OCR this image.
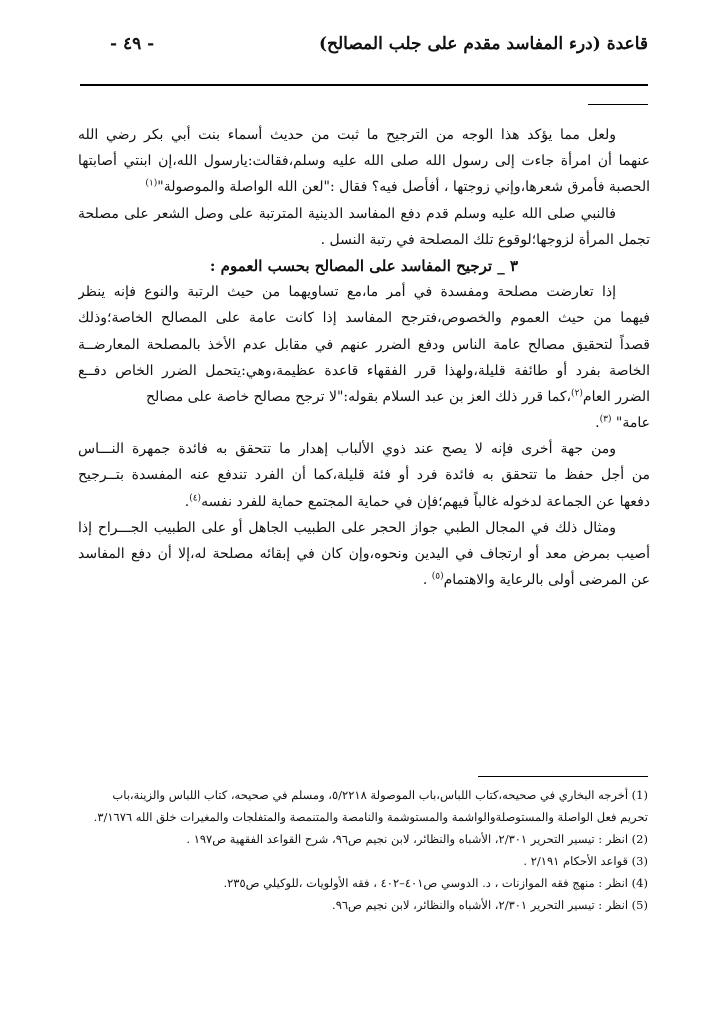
قاعدة (درء المفاسد مقدم على جلب المصالح)
- ٤٩ -
ولعل مما يؤكد هذا الوجه من الترجيح ما ثبت من حديث أسماء بنت أبي بكر رضي الله
عنهما أن امرأة جاءت إلى رسول الله صلى الله عليه وسلم،فقالت:يارسول الله،إن ابنتي أصابتها
الحصبة فأمرق شعرها،وإني زوجتها ، أفأصل فيه؟ فقال :"لعن الله الواصلة والموصولة"$^{(١)}$
فالنبي صلى الله عليه وسلم قدم دفع المفاسد الدينية المترتبة على وصل الشعر على مصلحة
تجمل المرأة لزوجها؛لوقوع تلك المصلحة في رتبة النسل .
٣ _ ترجيح المفاسد على المصالح بحسب العموم :
إذا تعارضت مصلحة ومفسدة في أمر ما،مع تساويهما من حيث الرتبة والنوع فإنه ينظر
فيهما من حيث العموم والخصوص،فترجح المفاسد إذا كانت عامة على المصالح الخاصة؛وذلك
قصداً لتحقيق مصالح عامة الناس ودفع الضرر عنهم في مقابل عدم الأخذ بالمصلحة المعارضــة
الخاصة بفرد أو طائفة قليلة،ولهذا قرر الفقهاء قاعدة عظيمة،وهي:يتحمل الضرر الخاص دفــع
الضرر العام$^{(٢)}$،كما قرر ذلك العز بن عبد السلام بقوله:"لا ترجح مصالح خاصة على مصالح
عامة" $^{(٣)}$.
ومن جهة أخرى فإنه لا يصح عند ذوي الألباب إهدار ما تتحقق به فائدة جمهرة النـــاس
من أجل حفظ ما تتحقق به فائدة فرد أو فئة قليلة،كما أن الفرد تندفع عنه المفسدة بتــرجيح
دفعها عن الجماعة لدخوله غالباً فيهم؛فإن في حماية المجتمع حماية للفرد نفسه$^{(٤)}$.
ومثال ذلك في المجال الطبي جواز الحجر على الطبيب الجاهل أو على الطبيب الجـــراح إذا
أصيب بمرض معد أو ارتجاف في اليدين ونحوه،وإن كان في إبقائه مصلحة له،إلا أن دفع المفاسد
عن المرضى أولى بالرعاية والاهتمام$^{(٥)}$ .
(1) أخرجه البخاري في صحيحه،كتاب اللباس،باب الموصولة ٥/٢٢١٨، ومسلم في صحيحه، كتاب اللباس والزينة،باب
تحريم فعل الواصلة والمستوصلةوالواشمة والمستوشمة والنامصة والمتنمصة والمتفلجات والمغيرات خلق الله ٣/١٦٧٦.
(2) انظر : تيسير التحرير ٢/٣٠١، الأشباه والنظائر، لابن نجيم ص٩٦، شرح القواعد الفقهية ص١٩٧ .
(3) قواعد الأحكام ٢/١٩١ .
(4) انظر : منهج فقه الموازنات ، د. الدوسي ص٤٠١–٤٠٢ ، فقه الأولويات ،للوكيلي ص٢٣٥.
(5) انظر : تيسير التحرير ٢/٣٠١، الأشباه والنظائر، لابن نجيم ص٩٦.
